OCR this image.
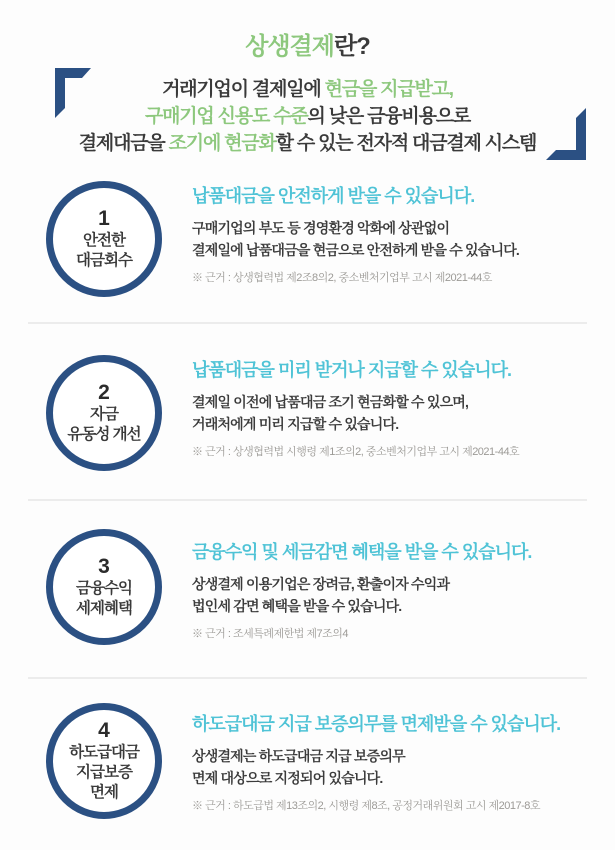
상생결제란?
거래기업이 결제일에 현금을 지급받고,
구매기업 신용도 수준의 낮은 금융비용으로
결제대금을 조기에 현금화할 수 있는 전자적 대금결제 시스템
1
안전한
대금회수
납품대금을 안전하게 받을 수 있습니다.
구매기업의 부도 등 경영환경 악화에 상관없이
결제일에 납품대금을 현금으로 안전하게 받을 수 있습니다.
※ 근거 : 상생협력법 제2조8의2, 중소벤처기업부 고시 제2021-44호
2
자금
유동성 개선
납품대금을 미리 받거나 지급할 수 있습니다.
결제일 이전에 납품대금 조기 현금화할 수 있으며,
거래처에게 미리 지급할 수 있습니다.
※ 근거 : 상생협력법 시행령 제1조의2, 중소벤처기업부 고시 제2021-44호
3
금융수익
세제혜택
금융수익 및 세금감면 혜택을 받을 수 있습니다.
상생결제 이용기업은 장려금, 환출이자 수익과
법인세 감면 혜택을 받을 수 있습니다.
※ 근거 : 조세특례제한법 제7조의4
4
하도급대금
지급보증
면제
하도급대금 지급 보증의무를 면제받을 수 있습니다.
상생결제는 하도급대금 지급 보증의무
면제 대상으로 지정되어 있습니다.
※ 근거 : 하도급법 제13조의2, 시행령 제8조, 공정거래위원회 고시 제2017-8호
